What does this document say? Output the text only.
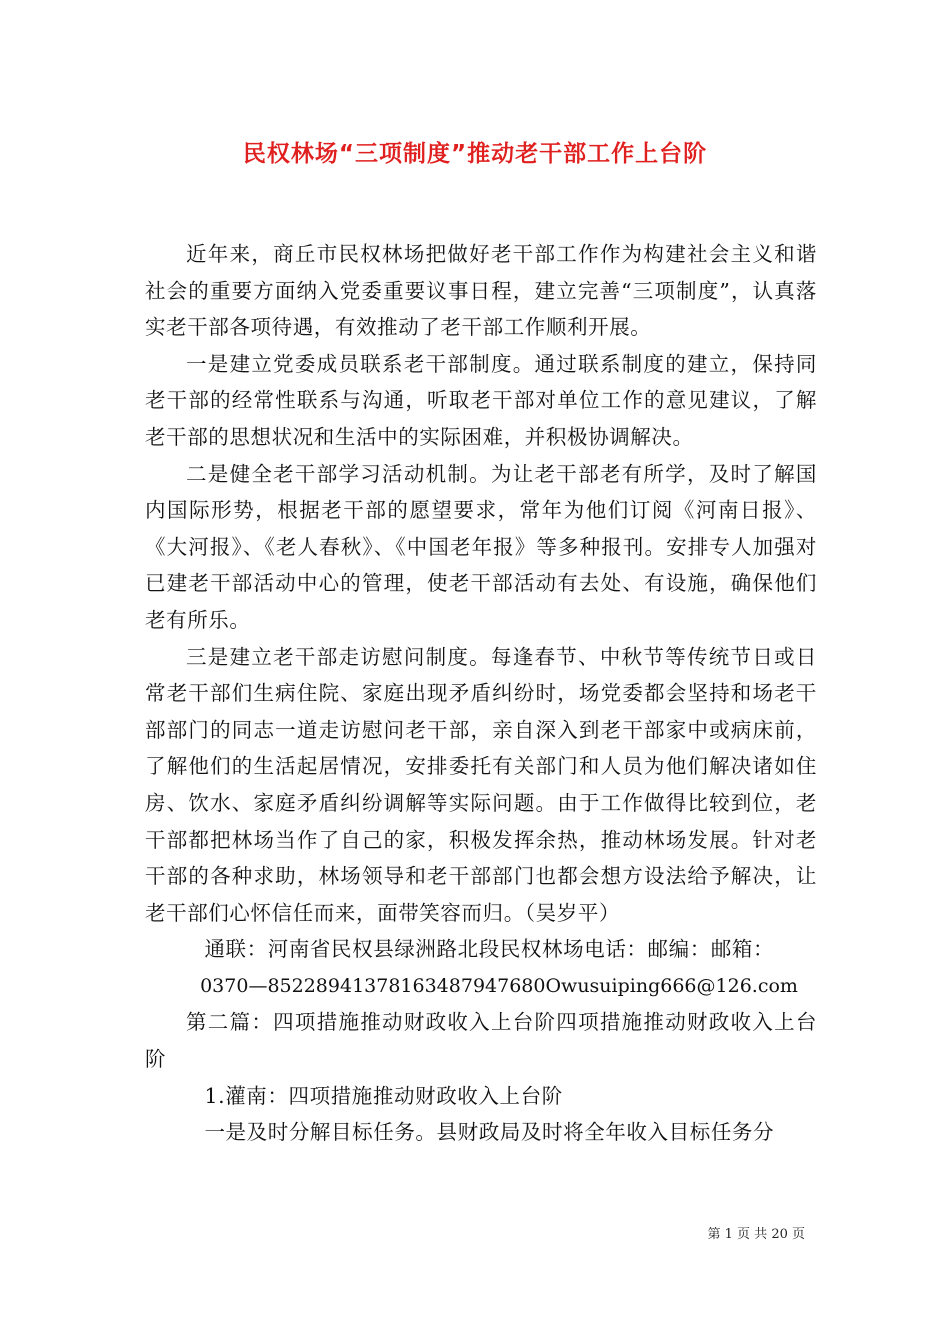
民权林场“三项制度”推动老干部工作上台阶

近年来，商丘市民权林场把做好老干部工作作为构建社会主义和谐社会的重要方面纳入党委重要议事日程，建立完善“三项制度”，认真落实老干部各项待遇，有效推动了老干部工作顺利开展。

一是建立党委成员联系老干部制度。通过联系制度的建立，保持同老干部的经常性联系与沟通，听取老干部对单位工作的意见建议，了解老干部的思想状况和生活中的实际困难，并积极协调解决。

二是健全老干部学习活动机制。为让老干部老有所学，及时了解国内国际形势，根据老干部的愿望要求，常年为他们订阅《河南日报》、《大河报》、《老人春秋》、《中国老年报》等多种报刊。安排专人加强对已建老干部活动中心的管理，使老干部活动有去处、有设施，确保他们老有所乐。

三是建立老干部走访慰问制度。每逢春节、中秋节等传统节日或日常老干部们生病住院、家庭出现矛盾纠纷时，场党委都会坚持和场老干部部门的同志一道走访慰问老干部，亲自深入到老干部家中或病床前，了解他们的生活起居情况，安排委托有关部门和人员为他们解决诸如住房、饮水、家庭矛盾纠纷调解等实际问题。由于工作做得比较到位，老干部都把林场当作了自己的家，积极发挥余热，推动林场发展。针对老干部的各种求助，林场领导和老干部部门也都会想方设法给予解决，让老干部们心怀信任而来，面带笑容而归。（吴岁平）

通联：河南省民权县绿洲路北段民权林场电话：邮编：邮箱：

0370—85228941378163487947680Owusuiping666@126.com

第二篇：四项措施推动财政收入上台阶四项措施推动财政收入上台阶

1.灌南：四项措施推动财政收入上台阶

一是及时分解目标任务。县财政局及时将全年收入目标任务分

第 1 页 共 20 页
